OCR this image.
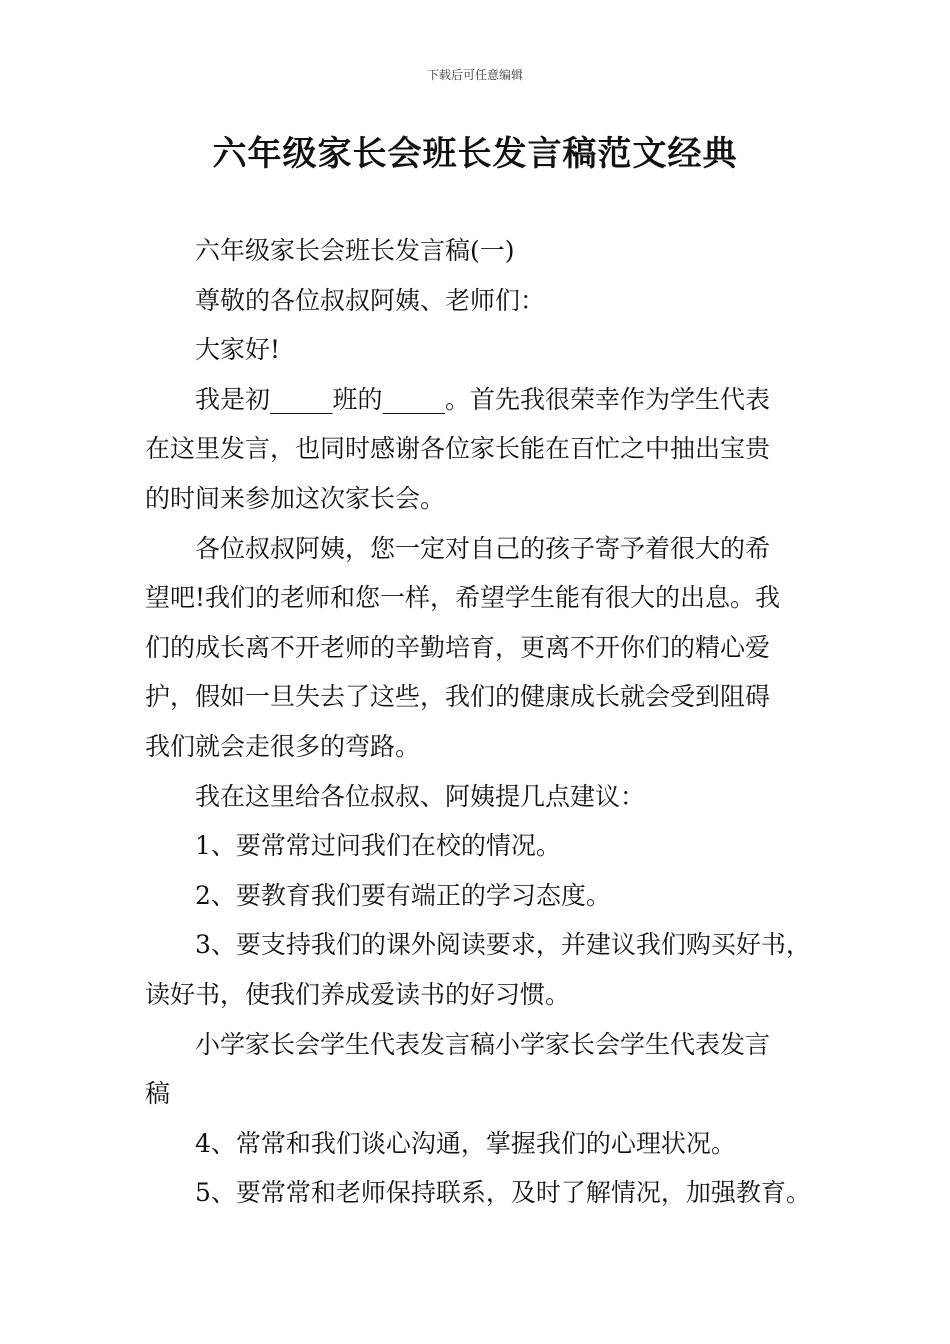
下载后可任意编辑
六年级家长会班长发言稿范文经典

六年级家长会班长发言稿(一)

尊敬的各位叔叔阿姨、老师们：

大家好!

我是初_____班的_____。首先我很荣幸作为学生代表

在这里发言，也同时感谢各位家长能在百忙之中抽出宝贵

的时间来参加这次家长会。

各位叔叔阿姨，您一定对自己的孩子寄予着很大的希

望吧!我们的老师和您一样，希望学生能有很大的出息。我

们的成长离不开老师的辛勤培育，更离不开你们的精心爱

护，假如一旦失去了这些，我们的健康成长就会受到阻碍

我们就会走很多的弯路。

我在这里给各位叔叔、阿姨提几点建议：

1、要常常过问我们在校的情况。

2、要教育我们要有端正的学习态度。

3、要支持我们的课外阅读要求，并建议我们购买好书，

读好书，使我们养成爱读书的好习惯。

小学家长会学生代表发言稿小学家长会学生代表发言

稿

4、常常和我们谈心沟通，掌握我们的心理状况。

5、要常常和老师保持联系，及时了解情况，加强教育。
